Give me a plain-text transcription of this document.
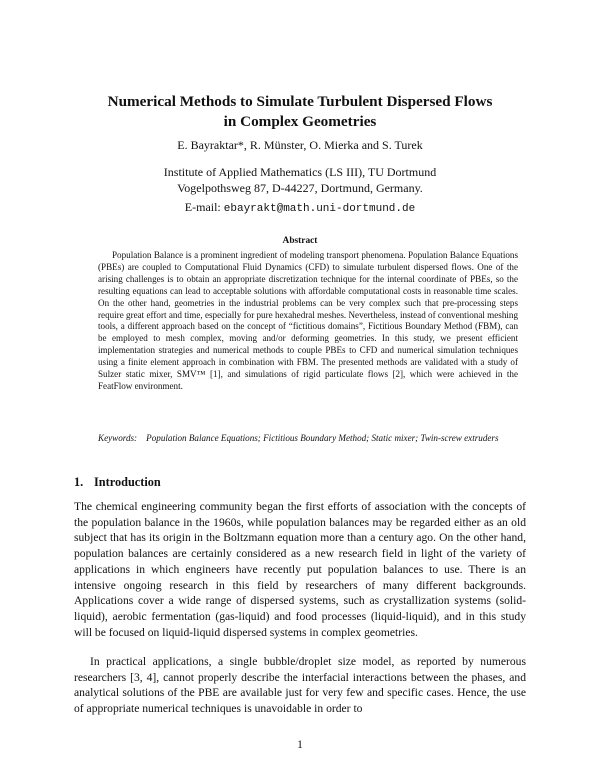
Numerical Methods to Simulate Turbulent Dispersed Flows
in Complex Geometries
E. Bayraktar*, R. Münster, O. Mierka and S. Turek
Institute of Applied Mathematics (LS III), TU Dortmund
Vogelpothsweg 87, D-44227, Dortmund, Germany.
E-mail: ebayrakt@math.uni-dortmund.de
Abstract

Population Balance is a prominent ingredient of modeling transport phenomena. Population Balance Equations (PBEs) are coupled to Computational Fluid Dynamics (CFD) to simulate turbulent dispersed flows. One of the arising challenges is to obtain an appropriate discretization technique for the internal coordinate of PBEs, so the resulting equations can lead to acceptable solutions with affordable computational costs in reasonable time scales. On the other hand, geometries in the industrial problems can be very complex such that pre-processing steps require great effort and time, especially for pure hexahedral meshes. Nevertheless, instead of conventional meshing tools, a different approach based on the concept of “fictitious domains”, Fictitious Boundary Method (FBM), can be employed to mesh complex, moving and/or deforming geometries. In this study, we present efficient implementation strategies and numerical methods to couple PBEs to CFD and numerical simulation techniques using a finite element approach in combination with FBM. The presented methods are validated with a study of Sulzer static mixer, SMV™ [1], and simulations of rigid particulate flows [2], which were achieved in the FeatFlow environment.

Keywords: Population Balance Equations; Fictitious Boundary Method; Static mixer; Twin-screw extruders

1. Introduction

The chemical engineering community began the first efforts of association with the concepts of the population balance in the 1960s, while population balances may be regarded either as an old subject that has its origin in the Boltzmann equation more than a century ago. On the other hand, population balances are certainly considered as a new research field in light of the variety of applications in which engineers have recently put population balances to use. There is an intensive ongoing research in this field by researchers of many different backgrounds. Applications cover a wide range of dispersed systems, such as crystallization systems (solid-liquid), aerobic fermentation (gas-liquid) and food processes (liquid-liquid), and in this study will be focused on liquid-liquid dispersed systems in complex geometries.

In practical applications, a single bubble/droplet size model, as reported by numerous researchers [3, 4], cannot properly describe the interfacial interactions between the phases, and analytical solutions of the PBE are available just for very few and specific cases. Hence, the use of appropriate numerical techniques is unavoidable in order to

1
